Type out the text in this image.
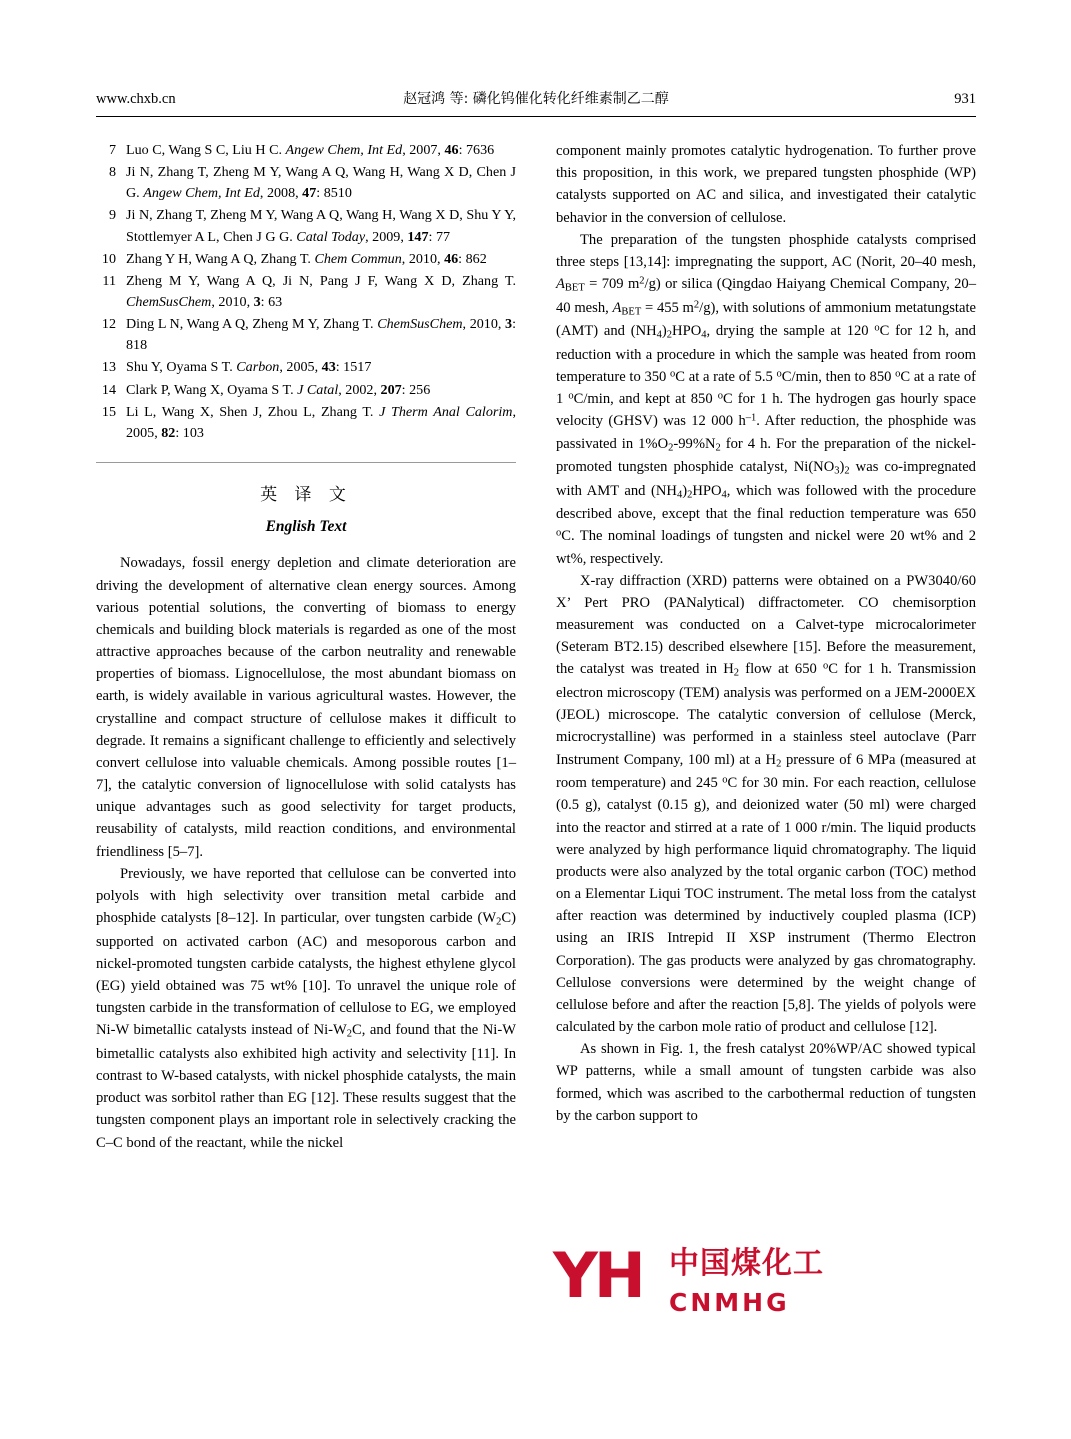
www.chxb.cn	赵冠鸿 等: 磷化钨催化转化纤维素制乙二醇	931
7 Luo C, Wang S C, Liu H C. Angew Chem, Int Ed, 2007, 46: 7636
8 Ji N, Zhang T, Zheng M Y, Wang A Q, Wang H, Wang X D, Chen J G. Angew Chem, Int Ed, 2008, 47: 8510
9 Ji N, Zhang T, Zheng M Y, Wang A Q, Wang H, Wang X D, Shu Y Y, Stottlemyer A L, Chen J G G. Catal Today, 2009, 147: 77
10 Zhang Y H, Wang A Q, Zhang T. Chem Commun, 2010, 46: 862
11 Zheng M Y, Wang A Q, Ji N, Pang J F, Wang X D, Zhang T. ChemSusChem, 2010, 3: 63
12 Ding L N, Wang A Q, Zheng M Y, Zhang T. ChemSusChem, 2010, 3: 818
13 Shu Y, Oyama S T. Carbon, 2005, 43: 1517
14 Clark P, Wang X, Oyama S T. J Catal, 2002, 207: 256
15 Li L, Wang X, Shen J, Zhou L, Zhang T. J Therm Anal Calorim, 2005, 82: 103
英 译 文
English Text

Nowadays, fossil energy depletion and climate deterioration are driving the development of alternative clean energy sources. Among various potential solutions, the converting of biomass to energy chemicals and building block materials is regarded as one of the most attractive approaches because of the carbon neutrality and renewable properties of biomass. Lignocellulose, the most abundant biomass on earth, is widely available in various agricultural wastes. However, the crystalline and compact structure of cellulose makes it difficult to degrade. It remains a significant challenge to efficiently and selectively convert cellulose into valuable chemicals. Among possible routes [1–7], the catalytic conversion of lignocellulose with solid catalysts has unique advantages such as good selectivity for target products, reusability of catalysts, mild reaction conditions, and environmental friendliness [5–7].

Previously, we have reported that cellulose can be converted into polyols with high selectivity over transition metal carbide and phosphide catalysts [8–12]. In particular, over tungsten carbide $(W_2C)$ supported on activated carbon (AC) and mesoporous carbon and nickel-promoted tungsten carbide catalysts, the highest ethylene glycol (EG) yield obtained was 75 wt% [10]. To unravel the unique role of tungsten carbide in the transformation of cellulose to EG, we employed Ni-W bimetallic catalysts instead of $Ni-W_2C$, and found that the Ni-W bimetallic catalysts also exhibited high activity and selectivity [11]. In contrast to W-based catalysts, with nickel phosphide catalysts, the main product was sorbitol rather than EG [12]. These results suggest that the tungsten component plays an important role in selectively cracking the C–C bond of the reactant, while the nickel

component mainly promotes catalytic hydrogenation. To further prove this proposition, in this work, we prepared tungsten phosphide (WP) catalysts supported on AC and silica, and investigated their catalytic behavior in the conversion of cellulose.

The preparation of the tungsten phosphide catalysts comprised three steps [13,14]: impregnating the support, AC (Norit, 20–40 mesh, $A_{BET} = 709$ $m^2/g$) or silica (Qingdao Haiyang Chemical Company, 20–40 mesh, $A_{BET} = 455$ $m^2/g$), with solutions of ammonium metatungstate (AMT) and $(NH_4)_2HPO_4$, drying the sample at 120 $^o$C for 12 h, and reduction with a procedure in which the sample was heated from room temperature to 350 $^o$C at a rate of 5.5 $^o$C/min, then to 850 $^o$C at a rate of 1 $^o$C/min, and kept at 850 $^o$C for 1 h. The hydrogen gas hourly space velocity (GHSV) was 12 000 $h^{-1}$. After reduction, the phosphide was passivated in $1\%O_2-99\%N_2$ for 4 h. For the preparation of the nickel-promoted tungsten phosphide catalyst, $Ni(NO_3)_2$ was co-impregnated with AMT and $(NH_4)_2HPO_4$, which was followed with the procedure described above, except that the final reduction temperature was 650 $^o$C. The nominal loadings of tungsten and nickel were 20 wt% and 2 wt%, respectively.

X-ray diffraction (XRD) patterns were obtained on a PW3040/60 X’ Pert PRO (PANalytical) diffractometer. CO chemisorption measurement was conducted on a Calvet-type microcalorimeter (Seteram BT2.15) described elsewhere [15]. Before the measurement, the catalyst was treated in $H_2$ flow at 650 $^o$C for 1 h. Transmission electron microscopy (TEM) analysis was performed on a JEM-2000EX (JEOL) microscope. The catalytic conversion of cellulose (Merck, microcrystalline) was performed in a stainless steel autoclave (Parr Instrument Company, 100 ml) at a $H_2$ pressure of 6 MPa (measured at room temperature) and 245 $^o$C for 30 min. For each reaction, cellulose (0.5 g), catalyst (0.15 g), and deionized water (50 ml) were charged into the reactor and stirred at a rate of 1 000 r/min. The liquid products were analyzed by high performance liquid chromatography. The liquid products were also analyzed by the total organic carbon (TOC) method on a Elementar Liqui TOC instrument. The metal loss from the catalyst after reaction was determined by inductively coupled plasma (ICP) using an IRIS Intrepid II XSP instrument (Thermo Electron Corporation). The gas products were analyzed by gas chromatography. Cellulose conversions were determined by the weight change of cellulose before and after the reaction [5,8]. The yields of polyols were calculated by the carbon mole ratio of product and cellulose [12].

As shown in Fig. 1, the fresh catalyst 20%WP/AC showed typical WP patterns, while a small amount of tungsten carbide was also formed, which was ascribed to the carbothermal reduction of tungsten by the carbon support to

YH 中国煤化工
CNMHG
